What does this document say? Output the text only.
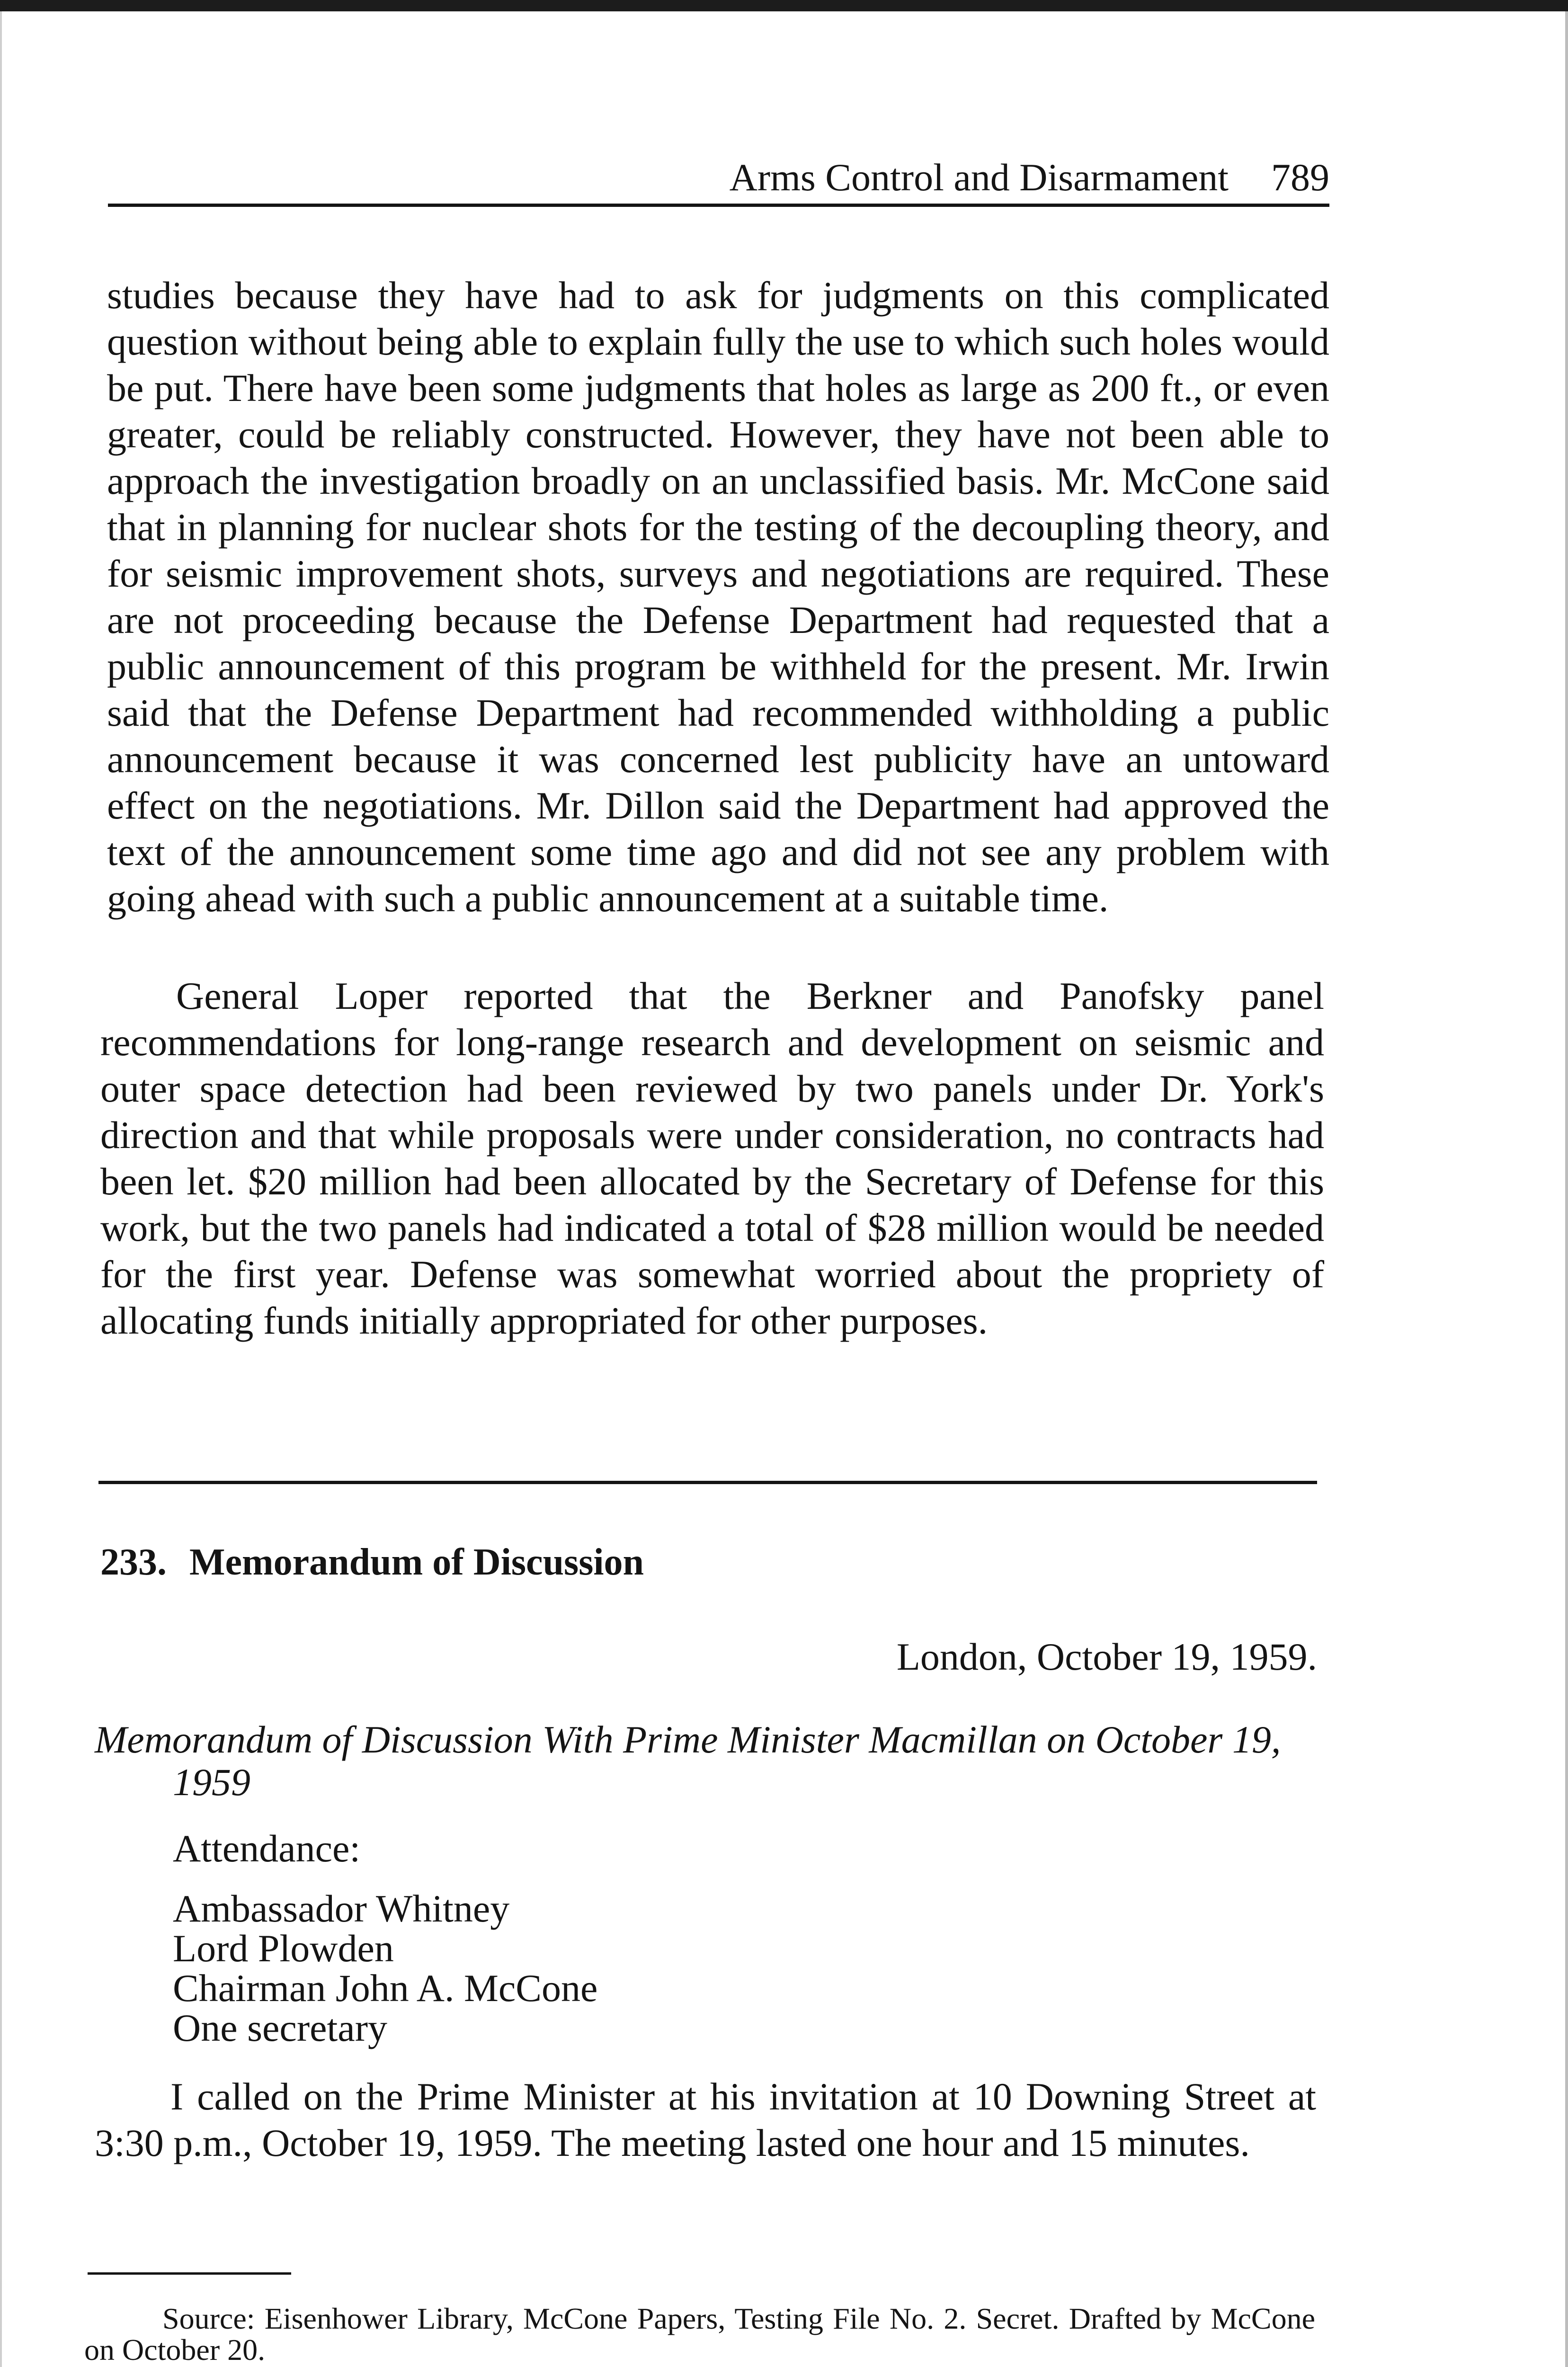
Arms Control and Disarmament 789

studies because they have had to ask for judgments on this complicated question without being able to explain fully the use to which such holes would be put. There have been some judgments that holes as large as 200 ft., or even greater, could be reliably constructed. However, they have not been able to approach the investigation broadly on an unclassified basis. Mr. McCone said that in planning for nuclear shots for the testing of the decoupling theory, and for seismic improvement shots, surveys and negotiations are required. These are not proceeding because the Defense Department had requested that a public announcement of this program be withheld for the present. Mr. Irwin said that the Defense Department had recommended withholding a public announcement because it was concerned lest publicity have an untoward effect on the negotiations. Mr. Dillon said the Department had approved the text of the announcement some time ago and did not see any problem with going ahead with such a public announcement at a suitable time.

General Loper reported that the Berkner and Panofsky panel recommendations for long-range research and development on seismic and outer space detection had been reviewed by two panels under Dr. York's direction and that while proposals were under consideration, no contracts had been let. $20 million had been allocated by the Secretary of Defense for this work, but the two panels had indicated a total of $28 million would be needed for the first year. Defense was somewhat worried about the propriety of allocating funds initially appropriated for other purposes.

233. Memorandum of Discussion
London, October 19, 1959.

Memorandum of Discussion With Prime Minister Macmillan on October 19, 1959

Attendance:
Ambassador Whitney
Lord Plowden
Chairman John A. McCone
One secretary

I called on the Prime Minister at his invitation at 10 Downing Street at 3:30 p.m., October 19, 1959. The meeting lasted one hour and 15 minutes.

Source: Eisenhower Library, McCone Papers, Testing File No. 2. Secret. Drafted by McCone on October 20.
